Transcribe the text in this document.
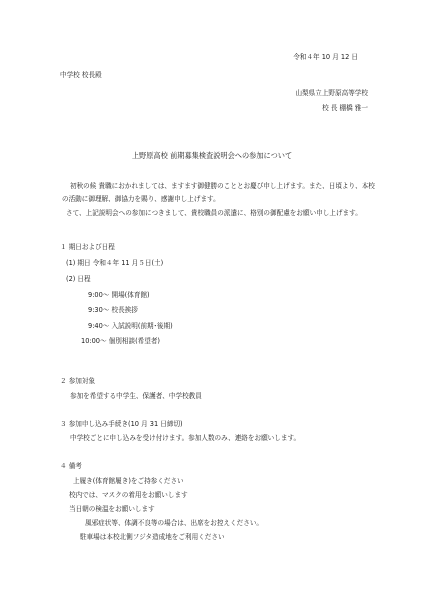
令和４年 10 月 12 日
中学校 校長殿
山梨県立上野原高等学校
校 長 棚橋 雅一
上野原高校 前期募集検査説明会への参加について
初秋の候 貴職におかれましては、ますます御健勝のこととお慶び申し上げます。また、日頃より、本校
の活動に御理解、御協力を賜り、感謝申し上げます。
さて、上記説明会への参加につきまして、貴校職員の派遣に、格別の御配慮をお願い申し上げます。
１ 期日および日程
(1) 期日 令和４年 11 月５日(土)
(2) 日程
9:00～ 開場(体育館)
9:30～ 校長挨拶
9:40～ 入試説明(前期･後期)
10:00～ 個別相談(希望者)
２ 参加対象
参加を希望する中学生、保護者、中学校教員
３ 参加申し込み手続き(10 月 31 日締切)
中学校ごとに申し込みを受け付けます。参加人数のみ、連絡をお願いします。
４ 備考
上履き(体育館履き)をご持参ください
校内では、マスクの着用をお願いします
当日朝の検温をお願いします
風邪症状等、体調不良等の場合は、出席をお控えください。
駐車場は本校北側フジタ造成地をご利用ください
